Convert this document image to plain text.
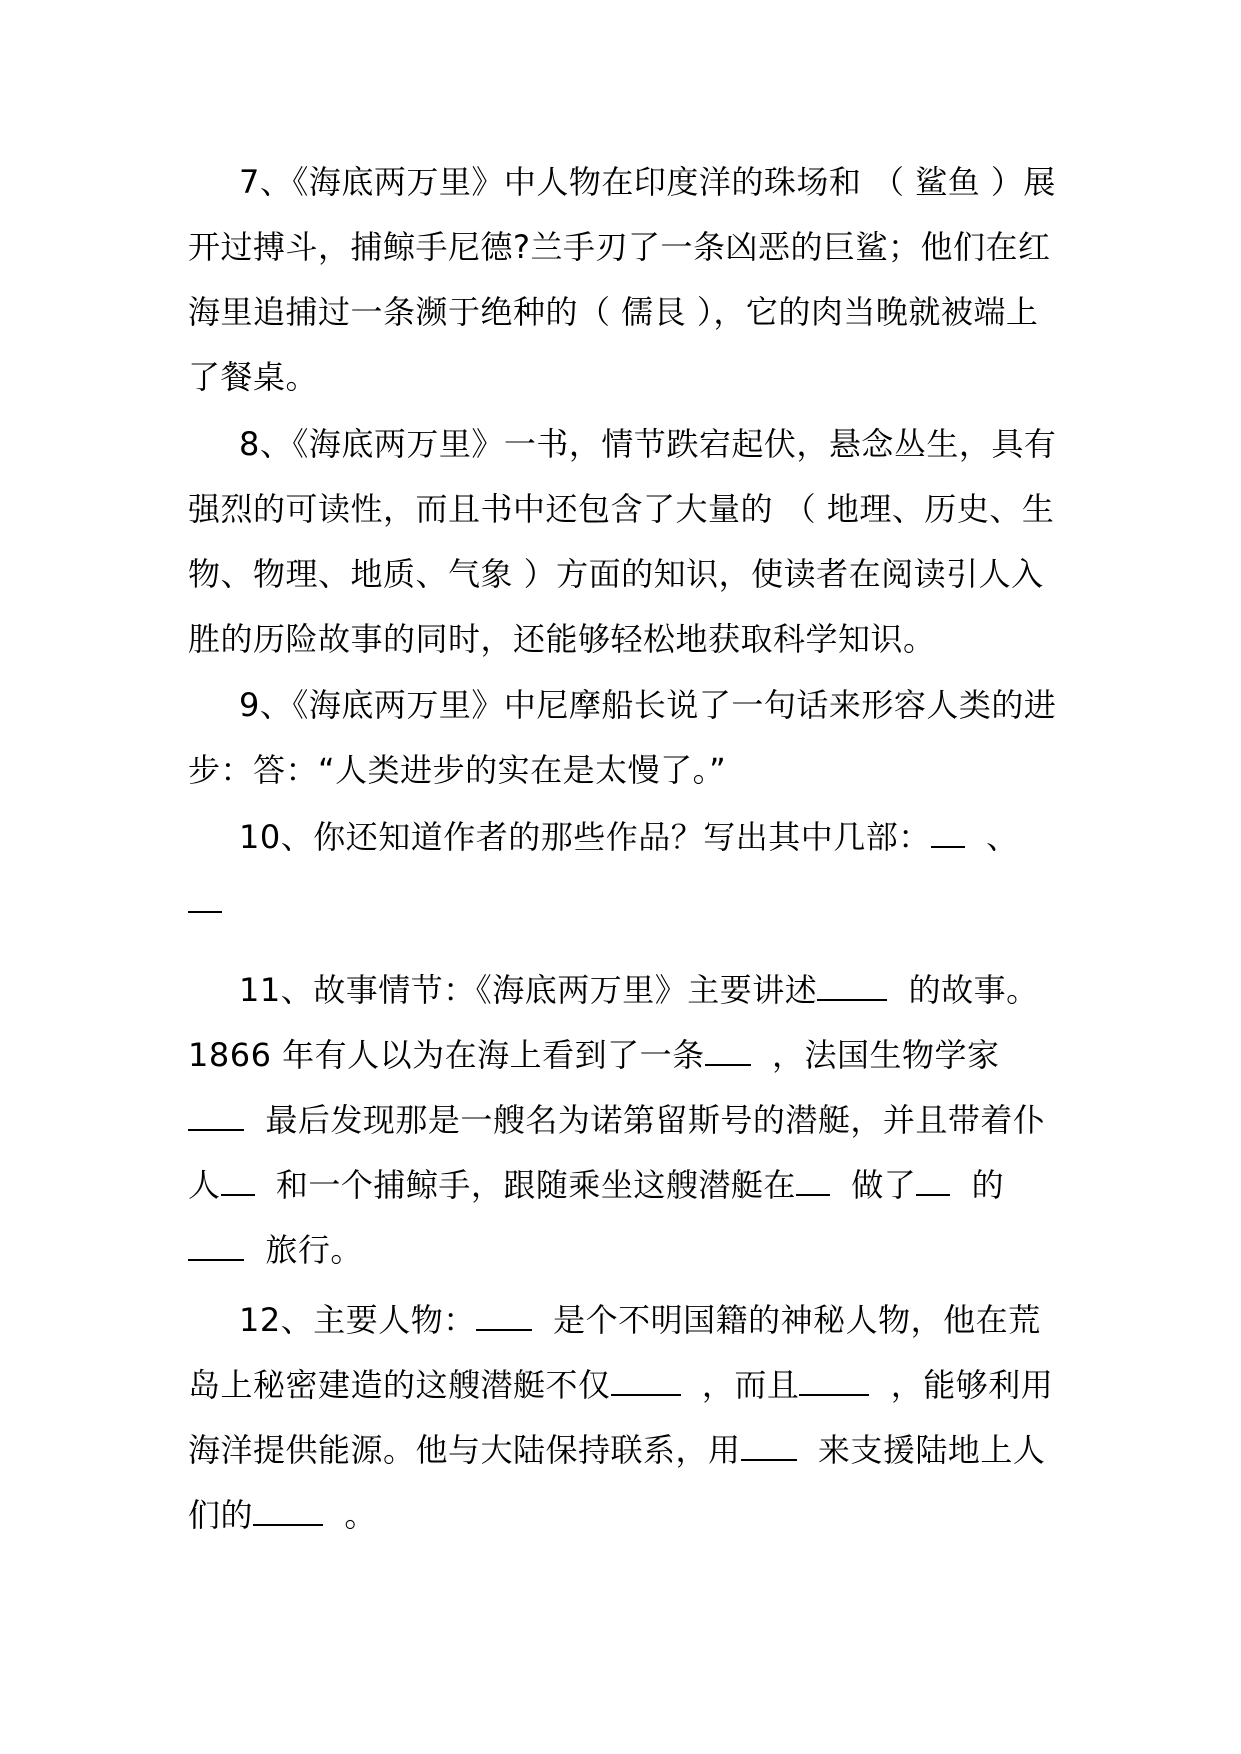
7、《海底两万里》中人物在印度洋的珠场和 （ 鲨鱼 ）展开过搏斗，捕鲸手尼德?兰手刃了一条凶恶的巨鲨；他们在红海里追捕过一条濒于绝种的（ 儒艮 ），它的肉当晚就被端上了餐桌。

8、《海底两万里》一书，情节跌宕起伏，悬念丛生，具有强烈的可读性，而且书中还包含了大量的 （ 地理、历史、生物、物理、地质、气象 ）方面的知识，使读者在阅读引人入胜的历险故事的同时，还能够轻松地获取科学知识。

9、《海底两万里》中尼摩船长说了一句话来形容人类的进步：答：“人类进步的实在是太慢了。”

10、你还知道作者的那些作品？写出其中几部： 、

11、故事情节：《海底两万里》主要讲述	的故事。1866 年有人以为在海上看到了一条 ，法国生物学家
最后发现那是一艘名为诺第留斯号的潜艇，并且带着仆人 和一个捕鲸手，跟随乘坐这艘潜艇在 做了 的
旅行。

12、主要人物： 是个不明国籍的神秘人物，他在荒岛上秘密建造的这艘潜艇不仅	，而且	，能够利用海洋提供能源。他与大陆保持联系，用 来支援陆地上人们的	。
